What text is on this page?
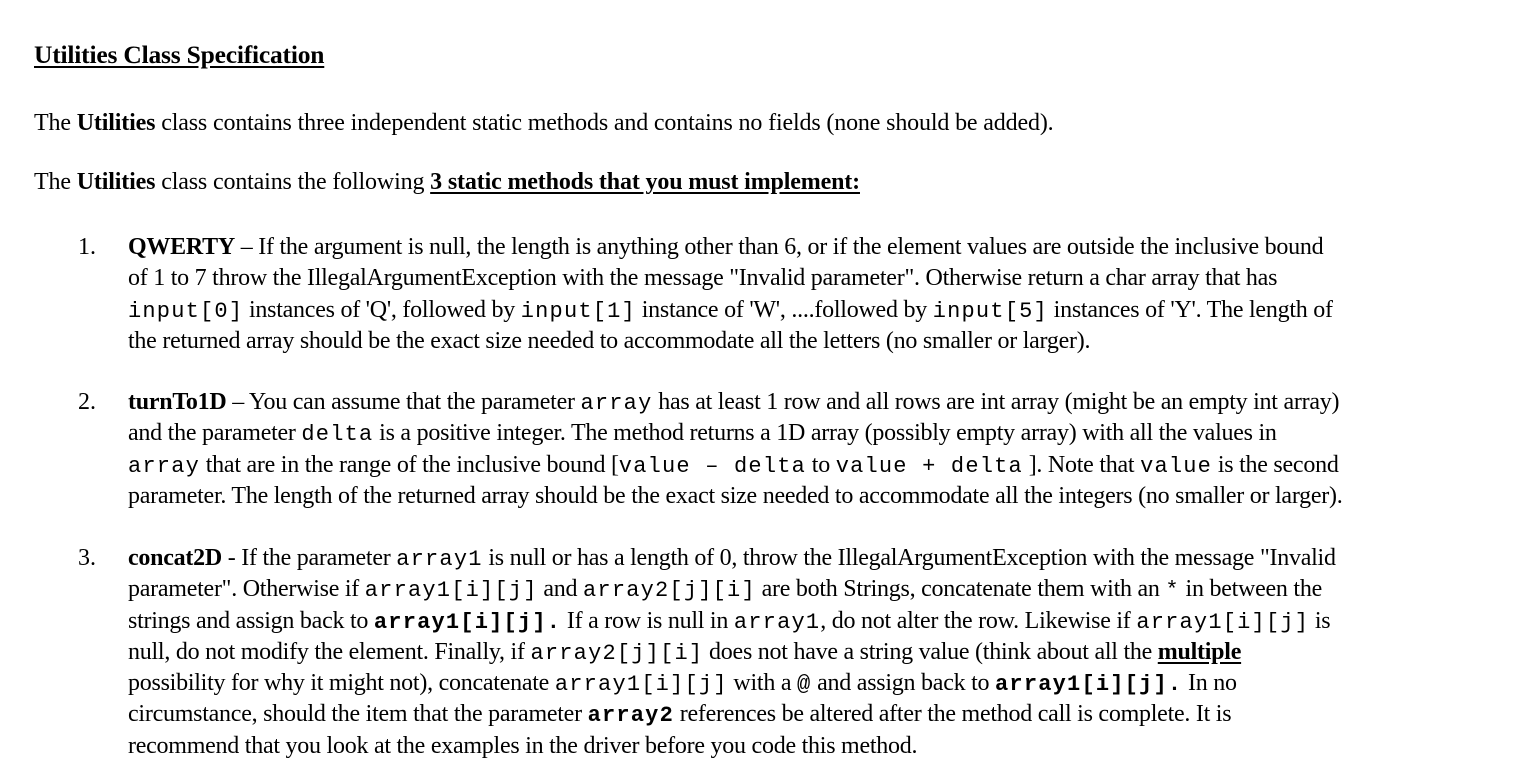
Utilities Class Specification
The Utilities class contains three independent static methods and contains no fields (none should be added).
The Utilities class contains the following 3 static methods that you must implement:
1.	QWERTY – If the argument is null, the length is anything other than 6, or if the element values are outside the inclusive bound
of 1 to 7 throw the IllegalArgumentException with the message "Invalid parameter". Otherwise return a char array that has
input[0] instances of 'Q', followed by input[1] instance of 'W', ....followed by input[5] instances of 'Y'. The length of
the returned array should be the exact size needed to accommodate all the letters (no smaller or larger).
2.	turnTo1D – You can assume that the parameter array has at least 1 row and all rows are int array (might be an empty int array)
and the parameter delta is a positive integer. The method returns a 1D array (possibly empty array) with all the values in
array that are in the range of the inclusive bound [value – delta to value + delta ]. Note that value is the second
parameter. The length of the returned array should be the exact size needed to accommodate all the integers (no smaller or larger).
3.	concat2D - If the parameter array1 is null or has a length of 0, throw the IllegalArgumentException with the message "Invalid
parameter". Otherwise if array1[i][j] and array2[j][i] are both Strings, concatenate them with an * in between the
strings and assign back to array1[i][j]. If a row is null in array1, do not alter the row. Likewise if array1[i][j] is
null, do not modify the element. Finally, if array2[j][i] does not have a string value (think about all the multiple
possibility for why it might not), concatenate array1[i][j] with a @ and assign back to array1[i][j]. In no
circumstance, should the item that the parameter array2 references be altered after the method call is complete. It is
recommend that you look at the examples in the driver before you code this method.
